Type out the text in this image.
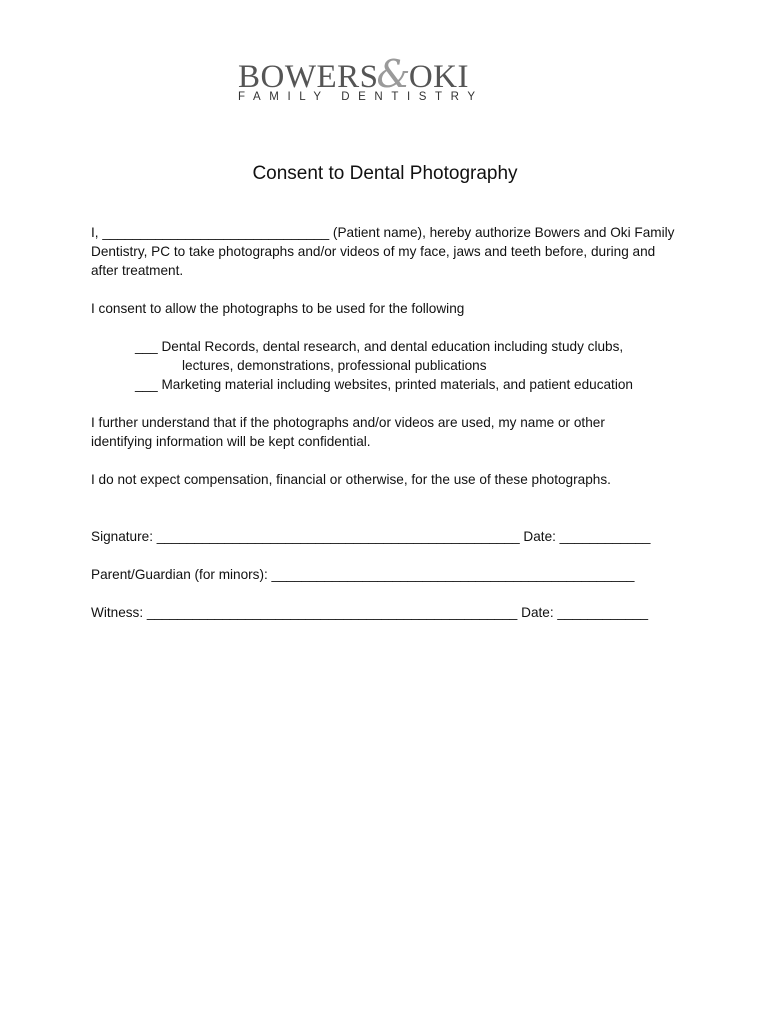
BOWERS&OKI
FAMILY DENTISTRY
Consent to Dental Photography
I, ______________________________ (Patient name), hereby authorize Bowers and Oki Family
Dentistry, PC to take photographs and/or videos of my face, jaws and teeth before, during and
after treatment.
I consent to allow the photographs to be used for the following
___ Dental Records, dental research, and dental education including study clubs,
lectures, demonstrations, professional publications
___ Marketing material including websites, printed materials, and patient education
I further understand that if the photographs and/or videos are used, my name or other
identifying information will be kept confidential.
I do not expect compensation, financial or otherwise, for the use of these photographs.
Signature: ________________________________________________ Date: ____________
Parent/Guardian (for minors): ________________________________________________
Witness: _________________________________________________ Date: ____________
